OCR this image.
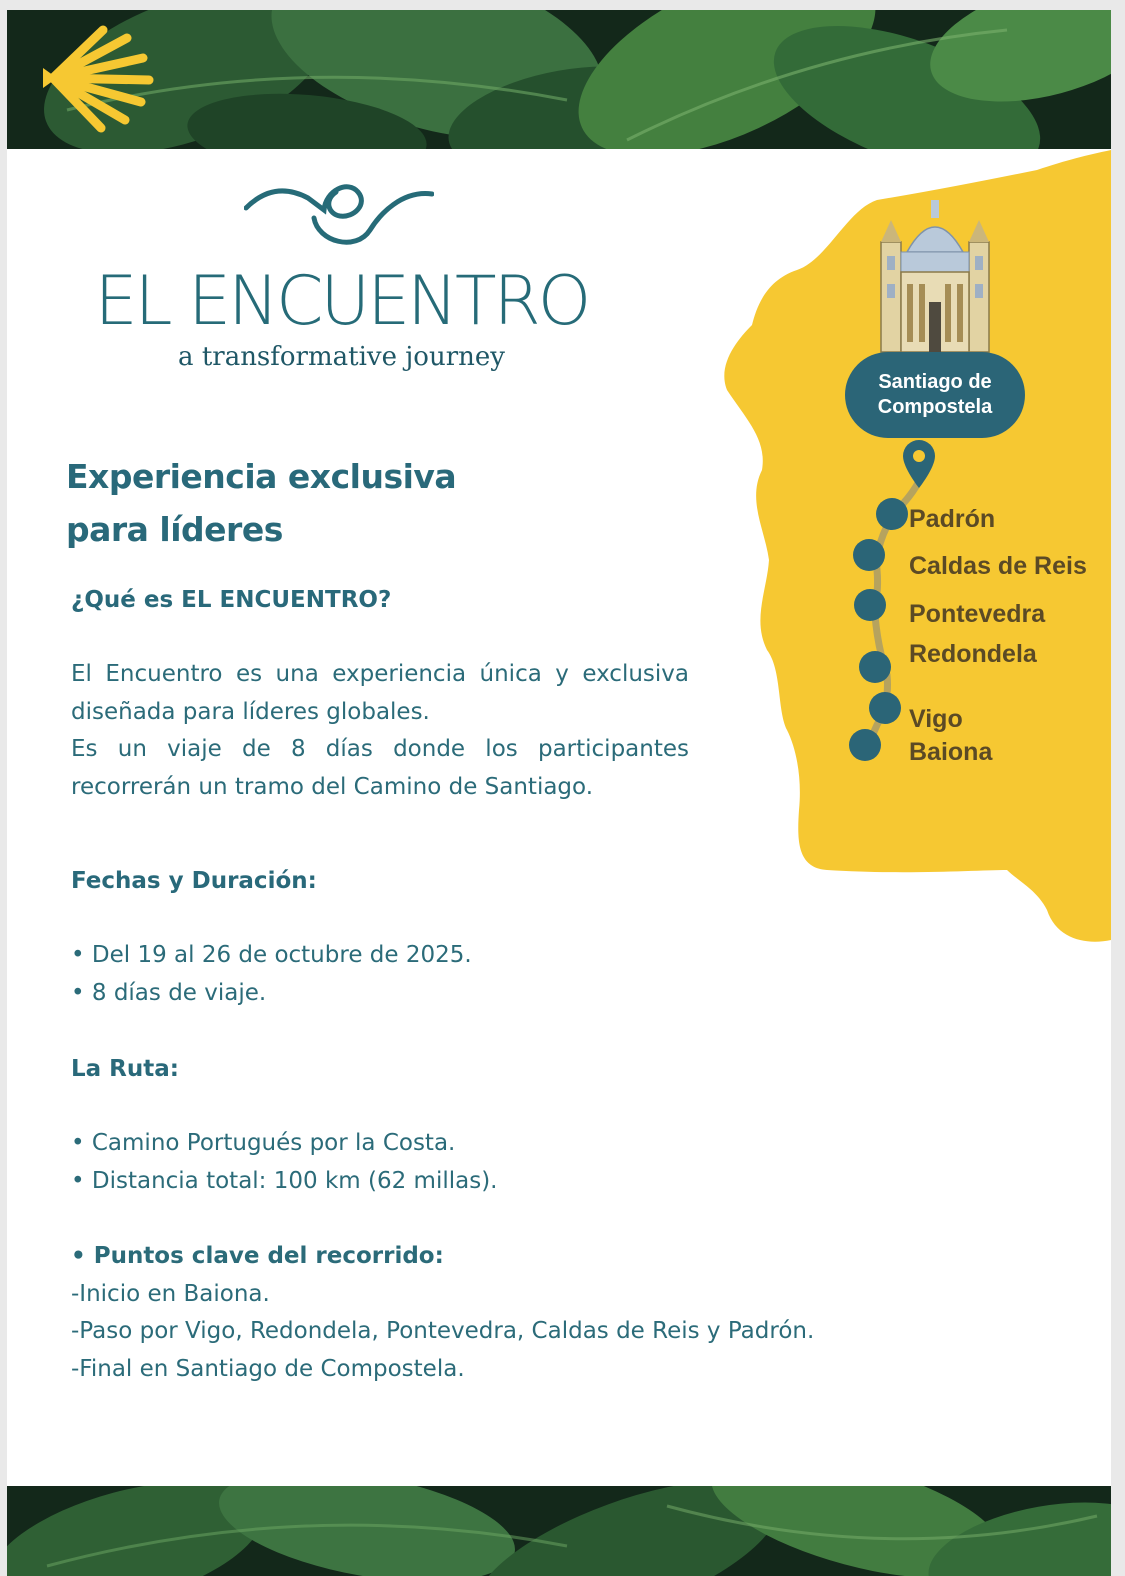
EL ENCUENTRO
a transformative journey
Experiencia exclusiva
para líderes
¿Qué es EL ENCUENTRO?
El Encuentro es una experiencia única y exclusiva diseñada para líderes globales.
Es un viaje de 8 días donde los participantes recorrerán un tramo del Camino de Santiago.
Fechas y Duración:
• Del 19 al 26 de octubre de 2025.
• 8 días de viaje.
La Ruta:
• Camino Portugués por la Costa.
• Distancia total: 100 km (62 millas).
• Puntos clave del recorrido:
-Inicio en Baiona.
-Paso por Vigo, Redondela, Pontevedra, Caldas de Reis y Padrón.
-Final en Santiago de Compostela.
Santiago de Compostela
Padrón
Caldas de Reis
Pontevedra
Redondela
Vigo
Baiona
